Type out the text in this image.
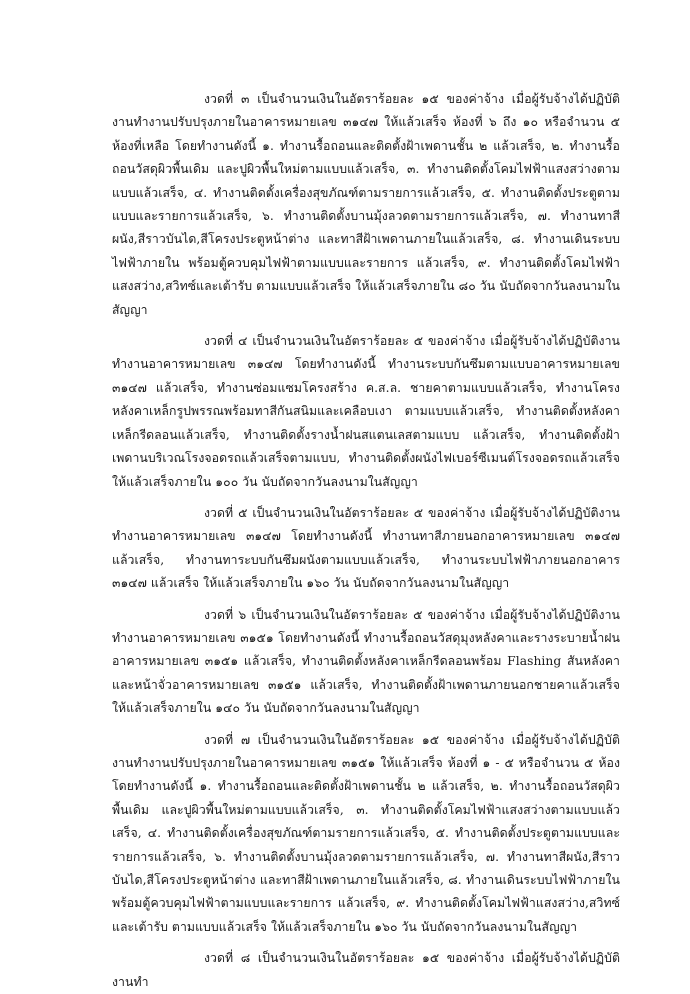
งวดที่ ๓ เป็นจำนวนเงินในอัตราร้อยละ ๑๕ ของค่าจ้าง เมื่อผู้รับจ้างได้ปฏิบัติงานทำงานปรับปรุงภายในอาคารหมายเลข ๓๑๔๗ ให้แล้วเสร็จ ห้องที่ ๖ ถึง ๑๐ หรือจำนวน ๕ ห้องที่เหลือ โดยทำงานดังนี้ ๑. ทำงานรื้อถอนและติดตั้งฝ้าเพดานชั้น ๒ แล้วเสร็จ, ๒. ทำงานรื้อถอนวัสดุผิวพื้นเดิม และปูผิวพื้นใหม่ตามแบบแล้วเสร็จ, ๓. ทำงานติดตั้งโคมไฟฟ้าแสงสว่างตามแบบแล้วเสร็จ, ๔. ทำงานติดตั้งเครื่องสุขภัณฑ์ตามรายการแล้วเสร็จ, ๕. ทำงานติดตั้งประตูตามแบบและรายการแล้วเสร็จ, ๖. ทำงานติดตั้งบานมุ้งลวดตามรายการแล้วเสร็จ, ๗. ทำงานทาสีผนัง,สีราวบันได,สีโครงประตูหน้าต่าง และทาสีฝ้าเพดานภายในแล้วเสร็จ, ๘. ทำงานเดินระบบไฟฟ้าภายใน พร้อมตู้ควบคุมไฟฟ้าตามแบบและรายการ แล้วเสร็จ, ๙. ทำงานติดตั้งโคมไฟฟ้าแสงสว่าง,สวิทซ์และเต้ารับ ตามแบบแล้วเสร็จ ให้แล้วเสร็จภายใน ๘๐ วัน นับถัดจากวันลงนามในสัญญา

งวดที่ ๔ เป็นจำนวนเงินในอัตราร้อยละ ๕ ของค่าจ้าง เมื่อผู้รับจ้างได้ปฏิบัติงานทำงานอาคารหมายเลข ๓๑๔๗ โดยทำงานดังนี้ ทำงานระบบกันซึมตามแบบอาคารหมายเลข ๓๑๔๗ แล้วเสร็จ, ทำงานซ่อมแซมโครงสร้าง ค.ส.ล. ชายคาตามแบบแล้วเสร็จ, ทำงานโครงหลังคาเหล็กรูปพรรณพร้อมทาสีกันสนิมและเคลือบเงา ตามแบบแล้วเสร็จ, ทำงานติดตั้งหลังคาเหล็กรีดลอนแล้วเสร็จ, ทำงานติดตั้งรางน้ำฝนสแตนเลสตามแบบ แล้วเสร็จ, ทำงานติดตั้งฝ้าเพดานบริเวณโรงจอดรถแล้วเสร็จตามแบบ, ทำงานติดตั้งผนังไฟเบอร์ซีเมนต์โรงจอดรถแล้วเสร็จ ให้แล้วเสร็จภายใน ๑๐๐ วัน นับถัดจากวันลงนามในสัญญา

งวดที่ ๕ เป็นจำนวนเงินในอัตราร้อยละ ๕ ของค่าจ้าง เมื่อผู้รับจ้างได้ปฏิบัติงานทำงานอาคารหมายเลข ๓๑๔๗ โดยทำงานดังนี้ ทำงานทาสีภายนอกอาคารหมายเลข ๓๑๔๗ แล้วเสร็จ, ทำงานทาระบบกันซึมผนังตามแบบแล้วเสร็จ, ทำงานระบบไฟฟ้าภายนอกอาคาร ๓๑๔๗ แล้วเสร็จ ให้แล้วเสร็จภายใน ๑๖๐ วัน นับถัดจากวันลงนามในสัญญา

งวดที่ ๖ เป็นจำนวนเงินในอัตราร้อยละ ๕ ของค่าจ้าง เมื่อผู้รับจ้างได้ปฏิบัติงานทำงานอาคารหมายเลข ๓๑๕๑ โดยทำงานดังนี้ ทำงานรื้อถอนวัสดุมุงหลังคาและรางระบายน้ำฝนอาคารหมายเลข ๓๑๕๑ แล้วเสร็จ, ทำงานติดตั้งหลังคาเหล็กรีดลอนพร้อม Flashing สันหลังคา และหน้าจั่วอาคารหมายเลข ๓๑๕๑ แล้วเสร็จ, ทำงานติดตั้งฝ้าเพดานภายนอกชายคาแล้วเสร็จ ให้แล้วเสร็จภายใน ๑๔๐ วัน นับถัดจากวันลงนามในสัญญา

งวดที่ ๗ เป็นจำนวนเงินในอัตราร้อยละ ๑๕ ของค่าจ้าง เมื่อผู้รับจ้างได้ปฏิบัติงานทำงานปรับปรุงภายในอาคารหมายเลข ๓๑๕๑ ให้แล้วเสร็จ ห้องที่ ๑ - ๕ หรือจำนวน ๕ ห้อง โดยทำงานดังนี้ ๑. ทำงานรื้อถอนและติดตั้งฝ้าเพดานชั้น ๒ แล้วเสร็จ, ๒. ทำงานรื้อถอนวัสดุผิวพื้นเดิม และปูผิวพื้นใหม่ตามแบบแล้วเสร็จ, ๓. ทำงานติดตั้งโคมไฟฟ้าแสงสว่างตามแบบแล้วเสร็จ, ๔. ทำงานติดตั้งเครื่องสุขภัณฑ์ตามรายการแล้วเสร็จ, ๕. ทำงานติดตั้งประตูตามแบบและรายการแล้วเสร็จ, ๖. ทำงานติดตั้งบานมุ้งลวดตามรายการแล้วเสร็จ, ๗. ทำงานทาสีผนัง,สีราวบันได,สีโครงประตูหน้าต่าง และทาสีฝ้าเพดานภายในแล้วเสร็จ, ๘. ทำงานเดินระบบไฟฟ้าภายใน พร้อมตู้ควบคุมไฟฟ้าตามแบบและรายการ แล้วเสร็จ, ๙. ทำงานติดตั้งโคมไฟฟ้าแสงสว่าง,สวิทซ์และเต้ารับ ตามแบบแล้วเสร็จ ให้แล้วเสร็จภายใน ๑๖๐ วัน นับถัดจากวันลงนามในสัญญา

งวดที่ ๘ เป็นจำนวนเงินในอัตราร้อยละ ๑๕ ของค่าจ้าง เมื่อผู้รับจ้างได้ปฏิบัติงานทำ
